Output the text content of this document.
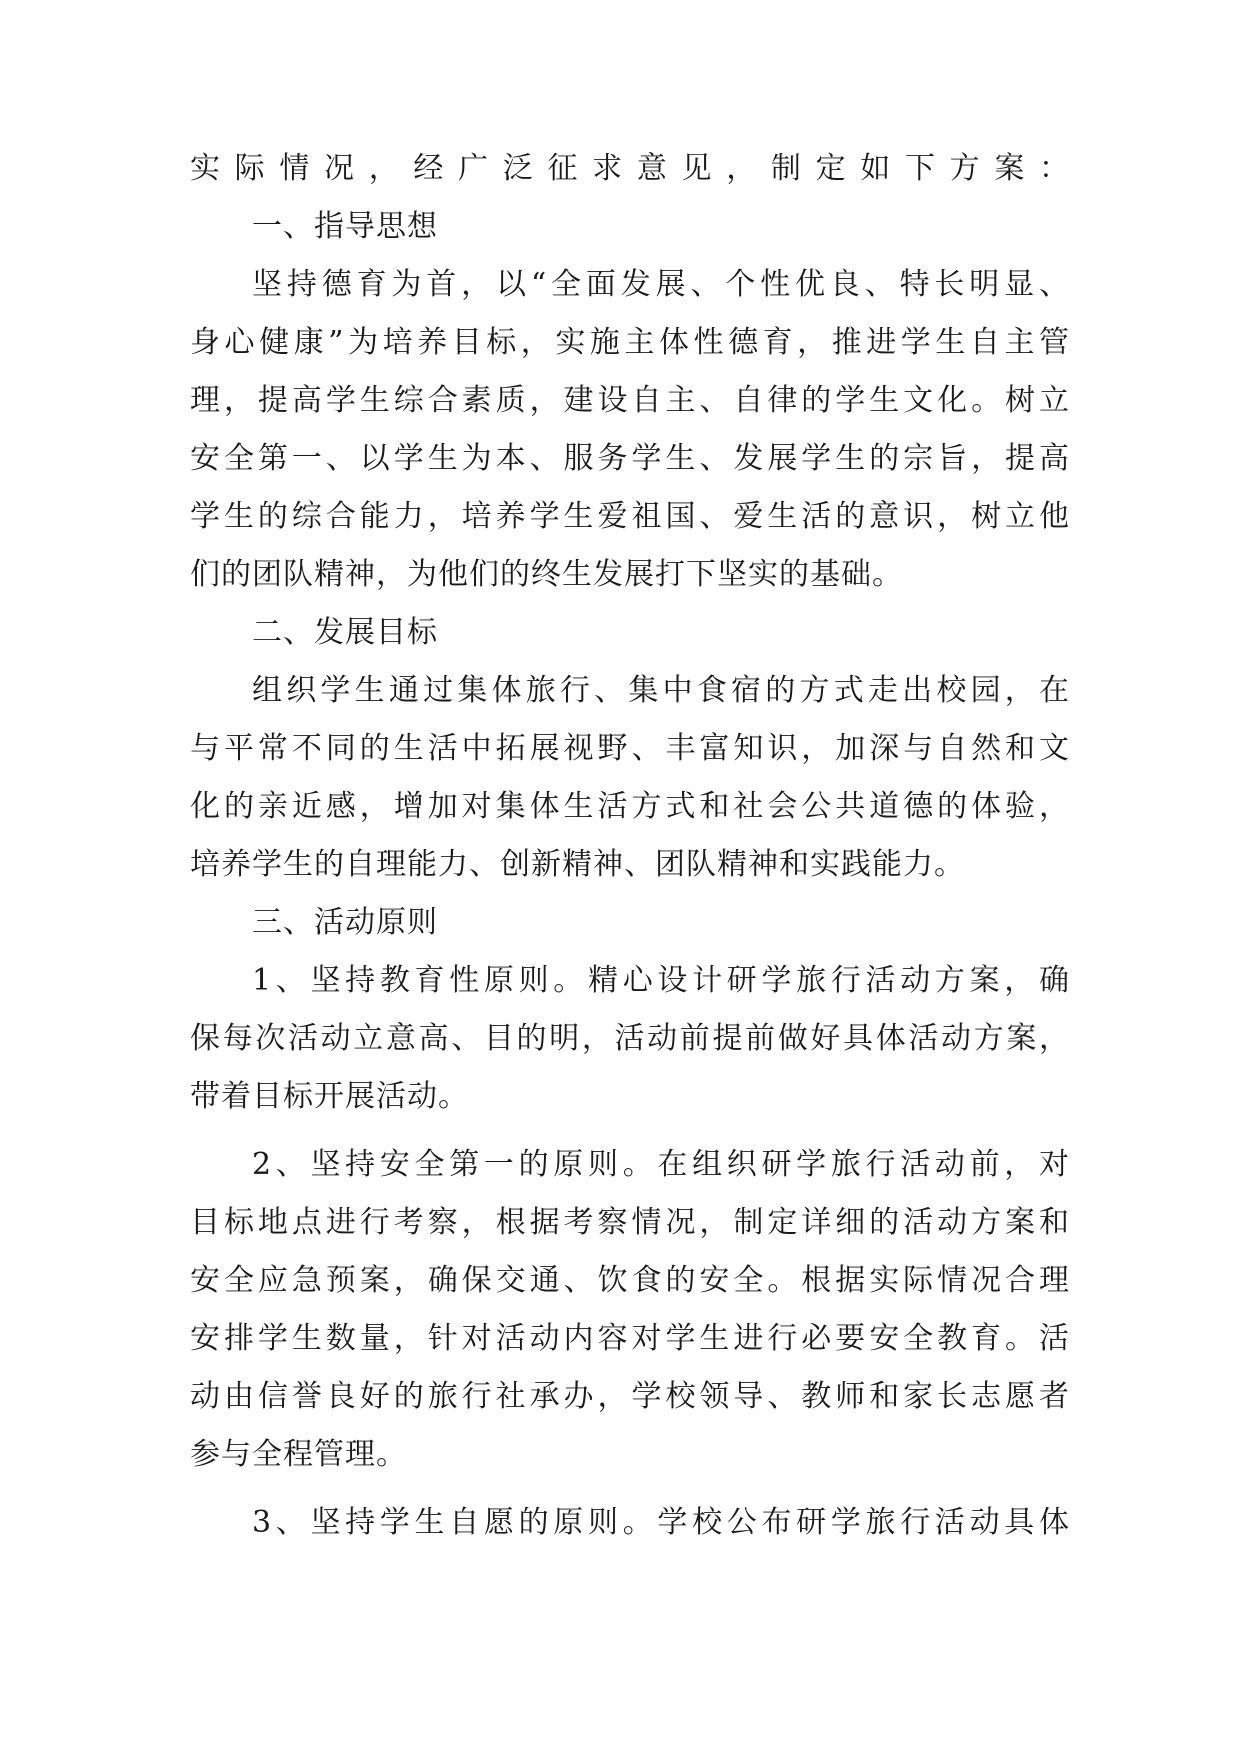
实际情况，经广泛征求意见，制定如下方案：
一、指导思想
坚持德育为首，以“全面发展、个性优良、特长明显、
身心健康”为培养目标，实施主体性德育，推进学生自主管
理，提高学生综合素质，建设自主、自律的学生文化。树立
安全第一、以学生为本、服务学生、发展学生的宗旨，提高
学生的综合能力，培养学生爱祖国、爱生活的意识，树立他
们的团队精神，为他们的终生发展打下坚实的基础。
二、发展目标
组织学生通过集体旅行、集中食宿的方式走出校园，在
与平常不同的生活中拓展视野、丰富知识，加深与自然和文
化的亲近感，增加对集体生活方式和社会公共道德的体验，
培养学生的自理能力、创新精神、团队精神和实践能力。
三、活动原则
1、坚持教育性原则。精心设计研学旅行活动方案，确
保每次活动立意高、目的明，活动前提前做好具体活动方案，
带着目标开展活动。
2、坚持安全第一的原则。在组织研学旅行活动前，对
目标地点进行考察，根据考察情况，制定详细的活动方案和
安全应急预案，确保交通、饮食的安全。根据实际情况合理
安排学生数量，针对活动内容对学生进行必要安全教育。活
动由信誉良好的旅行社承办，学校领导、教师和家长志愿者
参与全程管理。
3、坚持学生自愿的原则。学校公布研学旅行活动具体
